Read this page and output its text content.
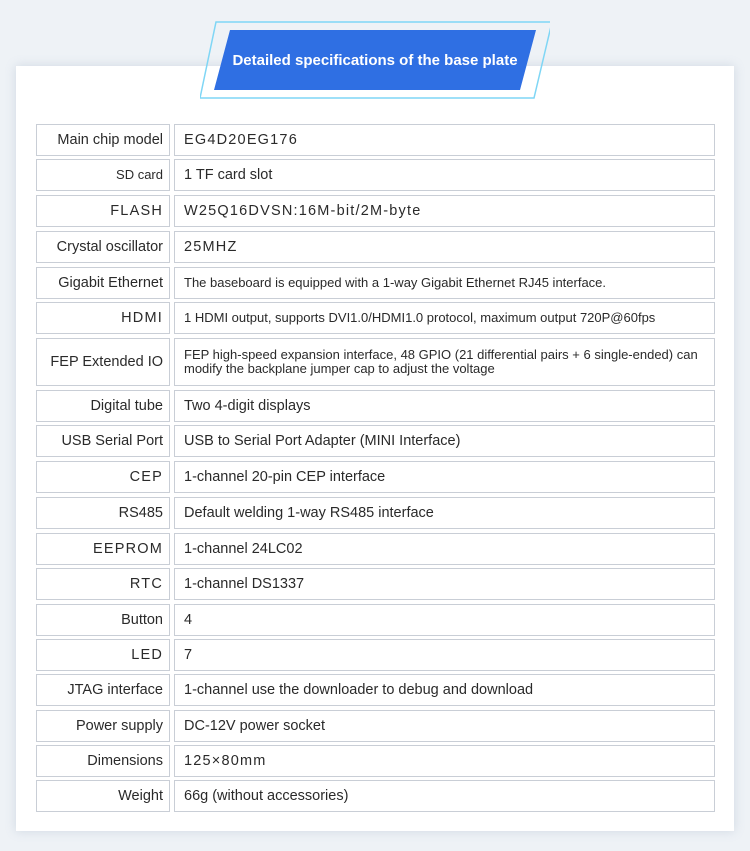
Detailed specifications of the base plate
Main chip model	EG4D20EG176
SD card	1 TF card slot
FLASH	W25Q16DVSN:16M-bit/2M-byte
Crystal oscillator	25MHZ
Gigabit Ethernet	The baseboard is equipped with a 1-way Gigabit Ethernet RJ45 interface.
HDMI	1 HDMI output, supports DVI1.0/HDMI1.0 protocol, maximum output 720P@60fps
FEP Extended IO	FEP high-speed expansion interface, 48 GPIO (21 differential pairs + 6 single-ended) can modify the backplane jumper cap to adjust the voltage
Digital tube	Two 4-digit displays
USB Serial Port	USB to Serial Port Adapter (MINI Interface)
CEP	1-channel 20-pin CEP interface
RS485	Default welding 1-way RS485 interface
EEPROM	1-channel 24LC02
RTC	1-channel DS1337
Button	4
LED	7
JTAG interface	1-channel use the downloader to debug and download
Power supply	DC-12V power socket
Dimensions	125×80mm
Weight	66g (without accessories)
